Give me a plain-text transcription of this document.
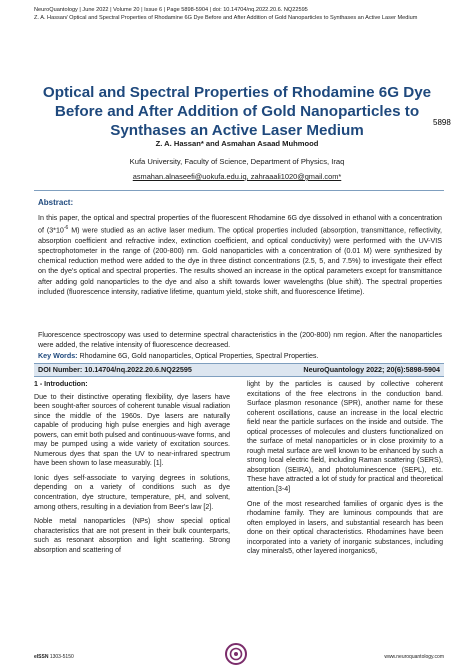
NeuroQuantology | June 2022 | Volume 20 | Issue 6 | Page 5898-5904 | doi: 10.14704/nq.2022.20.6. NQ22595
Z. A. Hassan/ Optical and Spectral Properties of Rhodamine 6G Dye Before and After Addition of Gold Nanoparticles to Synthases an Active Laser Medium
Optical and Spectral Properties of Rhodamine 6G Dye Before and After Addition of Gold Nanoparticles to Synthases an Active Laser Medium	5898
Z. A. Hassan* and Asmahan Asaad Muhmood
Kufa University, Faculty of Science, Department of Physics, Iraq
asmahan.alnaseefi@uokufa.edu.iq, zahraaali1020@gmail.com*
Abstract:
In this paper, the optical and spectral properties of the fluorescent Rhodamine 6G dye dissolved in ethanol with a concentration of ($3*10^{-6}$ M) were studied as an active laser medium. The optical properties included (absorption, transmittance, reflectivity, absorption coefficient and refractive index, extinction coefficient, and optical conductivity) were performed with the UV-VIS spectrophotometer in the range of (200-800) nm. Gold nanoparticles with a concentration of (0.01 M) were synthesized by chemical reduction method were added to the dye in three distinct concentrations (2.5, 5, and 7.5%) to investigate their effect on the dye's optical and spectral properties. The results showed an increase in the optical parameters except for transmittance after adding gold nanoparticles to the dye and also a shift towards lower wavelengths (blue shift). The spectral properties included (fluorescence intensity, radiative lifetime, quantum yield, stoke shift, and fluorescence lifetime).
Fluorescence spectroscopy was used to determine spectral characteristics in the (200-800) nm region. After the nanoparticles were added, the relative intensity of fluorescence decreased.
Key Words: Rhodamine 6G, Gold nanoparticles, Optical Properties, Spectral Properties.
DOI Number: 10.14704/nq.2022.20.6.NQ22595	NeuroQuantology 2022; 20(6):5898-5904

1 - Introduction:

Due to their distinctive operating flexibility, dye lasers have been sought-after sources of coherent tunable visual radiation since the middle of the 1960s. Dye lasers are naturally capable of producing high pulse energies and high average powers, can emit both pulsed and continuous-wave forms, and may be pumped using a wide variety of excitation sources. Numerous dyes that span the UV to near-infrared spectrum have been shown to lase measurably. [1].

Ionic dyes self-associate to varying degrees in solutions, depending on a variety of conditions such as dye concentration, dye structure, temperature, pH, and solvent, among others, resulting in a deviation from Beer's law [2].

Noble metal nanoparticles (NPs) show special optical characteristics that are not present in their bulk counterparts, such as resonant absorption and light scattering. Strong absorption and scattering of

light by the particles is caused by collective coherent excitations of the free electrons in the conduction band. Surface plasmon resonance (SPR), another name for these coherent oscillations, cause an increase in the local electric field near the particle surfaces on the inside and outside. The optical processes of molecules and clusters functionalized on the surface of metal nanoparticles or in close proximity to a rough metal surface are well known to be enhanced by such a strong local electric field, including Raman scattering (SERS), absorption (SEIRA), and photoluminescence (SEPL), etc. These have attracted a lot of study for practical and theoretical attention.[3-4]

One of the most researched families of organic dyes is the rhodamine family. They are luminous compounds that are often employed in lasers, and substantial research has been done on their optical characteristics. Rhodamines have been incorporated into a variety of inorganic substances, including clay minerals5, other layered inorganics6,

eISSN 1303-5150	www.neuroquantology.com
